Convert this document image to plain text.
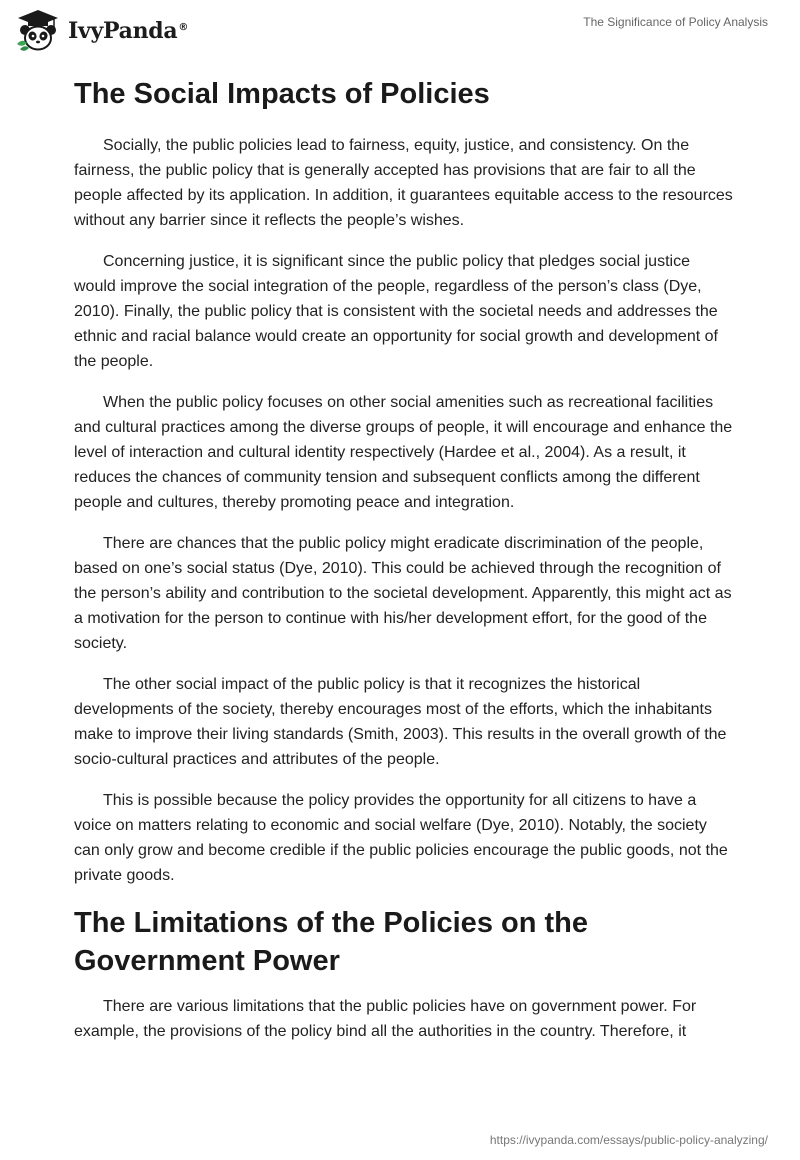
IvyPanda®	The Significance of Policy Analysis
The Social Impacts of Policies

Socially, the public policies lead to fairness, equity, justice, and consistency. On the fairness, the public policy that is generally accepted has provisions that are fair to all the people affected by its application. In addition, it guarantees equitable access to the resources without any barrier since it reflects the people’s wishes.

Concerning justice, it is significant since the public policy that pledges social justice would improve the social integration of the people, regardless of the person’s class (Dye, 2010). Finally, the public policy that is consistent with the societal needs and addresses the ethnic and racial balance would create an opportunity for social growth and development of the people.

When the public policy focuses on other social amenities such as recreational facilities and cultural practices among the diverse groups of people, it will encourage and enhance the level of interaction and cultural identity respectively (Hardee et al., 2004). As a result, it reduces the chances of community tension and subsequent conflicts among the different people and cultures, thereby promoting peace and integration.

There are chances that the public policy might eradicate discrimination of the people, based on one’s social status (Dye, 2010). This could be achieved through the recognition of the person’s ability and contribution to the societal development. Apparently, this might act as a motivation for the person to continue with his/her development effort, for the good of the society.

The other social impact of the public policy is that it recognizes the historical developments of the society, thereby encourages most of the efforts, which the inhabitants make to improve their living standards (Smith, 2003). This results in the overall growth of the socio-cultural practices and attributes of the people.

This is possible because the policy provides the opportunity for all citizens to have a voice on matters relating to economic and social welfare (Dye, 2010). Notably, the society can only grow and become credible if the public policies encourage the public goods, not the private goods.

The Limitations of the Policies on the Government Power

There are various limitations that the public policies have on government power. For example, the provisions of the policy bind all the authorities in the country. Therefore, it

https://ivypanda.com/essays/public-policy-analyzing/
